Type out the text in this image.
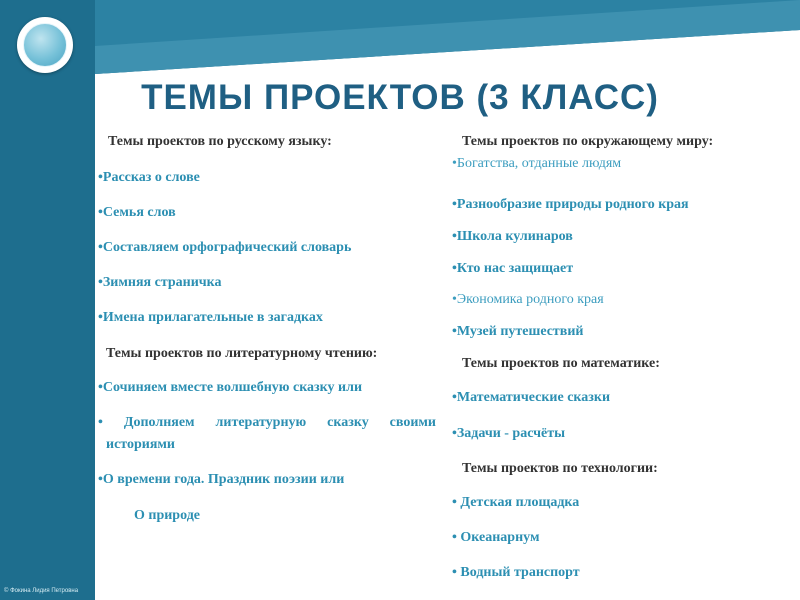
ТЕМЫ ПРОЕКТОВ (3 КЛАСС)
Темы проектов по русскому языку:
•Рассказ о слове
•Семья слов
•Составляем орфографический словарь
•Зимняя страничка
•Имена прилагательные в загадках
Темы проектов по литературному чтению:
•Сочиняем вместе волшебную сказку или
• Дополняем литературную сказку своими
историями
•О времени года. Праздник поэзии или
О природе
Темы проектов по окружающему миру:
•Богатства, отданные людям
•Разнообразие природы родного края
•Школа кулинаров
•Кто нас защищает
•Экономика родного края
•Музей путешествий
Темы проектов по математике:
•Математические сказки
•Задачи - расчёты
Темы проектов по технологии:
• Детская площадка
• Океанарнум
• Водный транспорт
© Фокина Лидия Петровна
